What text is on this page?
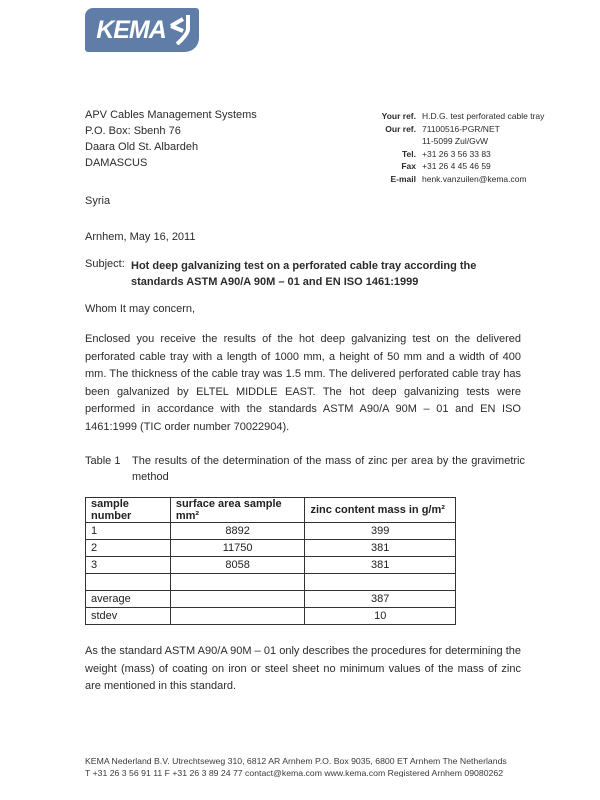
KEMA
APV Cables Management Systems
P.O. Box: Sbenh 76
Daara Old St. Albardeh
DAMASCUS
Syria
Your ref. H.D.G. test perforated cable tray
Our ref. 71100516-PGR/NET
11-5099 Zul/GvW
Tel. +31 26 3 56 33 83
Fax +31 26 4 45 46 59
E-mail henk.vanzuilen@kema.com
Arnhem, May 16, 2011
Subject: Hot deep galvanizing test on a perforated cable tray according the standards ASTM A90/A 90M – 01 and EN ISO 1461:1999
Whom It may concern,
Enclosed you receive the results of the hot deep galvanizing test on the delivered perforated cable tray with a length of 1000 mm, a height of 50 mm and a width of 400 mm. The thickness of the cable tray was 1.5 mm. The delivered perforated cable tray has been galvanized by ELTEL MIDDLE EAST. The hot deep galvanizing tests were performed in accordance with the standards ASTM A90/A 90M – 01 and EN ISO 1461:1999 (TIC order number 70022904).
Table 1	The results of the determination of the mass of zinc per area by the gravimetric method
sample number	surface area sample mm²	zinc content mass in g/m²
1	8892	399
2	11750	381
3	8058	381

average		387
stdev		10
As the standard ASTM A90/A 90M – 01 only describes the procedures for determining the weight (mass) of coating on iron or steel sheet no minimum values of the mass of zinc are mentioned in this standard.
KEMA Nederland B.V. Utrechtseweg 310, 6812 AR Arnhem P.O. Box 9035, 6800 ET Arnhem The Netherlands
T +31 26 3 56 91 11 F +31 26 3 89 24 77 contact@kema.com www.kema.com Registered Arnhem 09080262
